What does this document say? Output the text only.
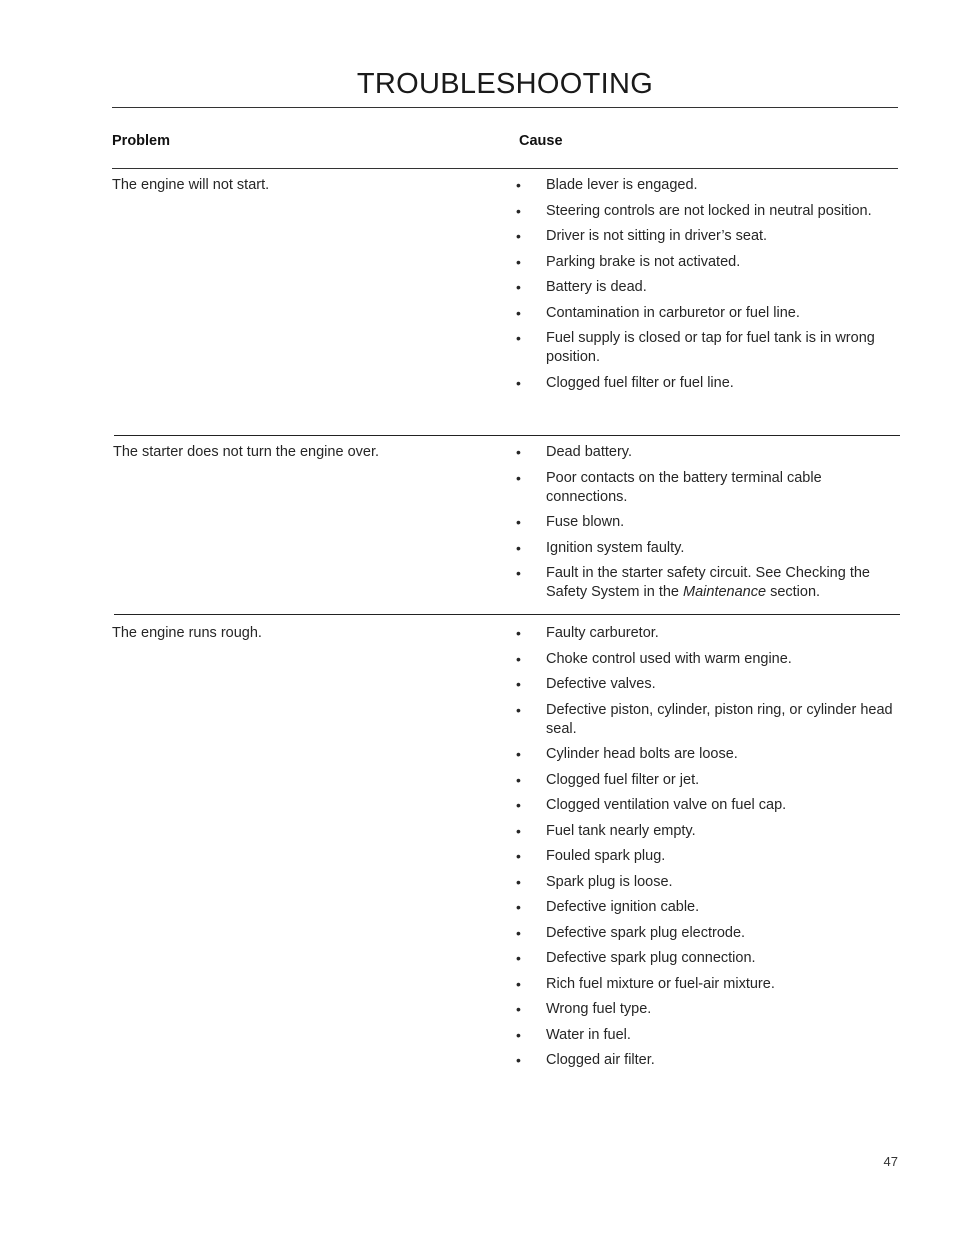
TROUBLESHOOTING
Problem	Cause
The engine will not start.	• Blade lever is engaged.
• Steering controls are not locked in neutral position.
• Driver is not sitting in driver’s seat.
• Parking brake is not activated.
• Battery is dead.
• Contamination in carburetor or fuel line.
• Fuel supply is closed or tap for fuel tank is in wrong position.
• Clogged fuel filter or fuel line.
The starter does not turn the engine over.	• Dead battery.
• Poor contacts on the battery terminal cable connections.
• Fuse blown.
• Ignition system faulty.
• Fault in the starter safety circuit. See Checking the Safety System in the Maintenance section.
The engine runs rough.	• Faulty carburetor.
• Choke control used with warm engine.
• Defective valves.
• Defective piston, cylinder, piston ring, or cylinder head seal.
• Cylinder head bolts are loose.
• Clogged fuel filter or jet.
• Clogged ventilation valve on fuel cap.
• Fuel tank nearly empty.
• Fouled spark plug.
• Spark plug is loose.
• Defective ignition cable.
• Defective spark plug electrode.
• Defective spark plug connection.
• Rich fuel mixture or fuel-air mixture.
• Wrong fuel type.
• Water in fuel.
• Clogged air filter.
47
